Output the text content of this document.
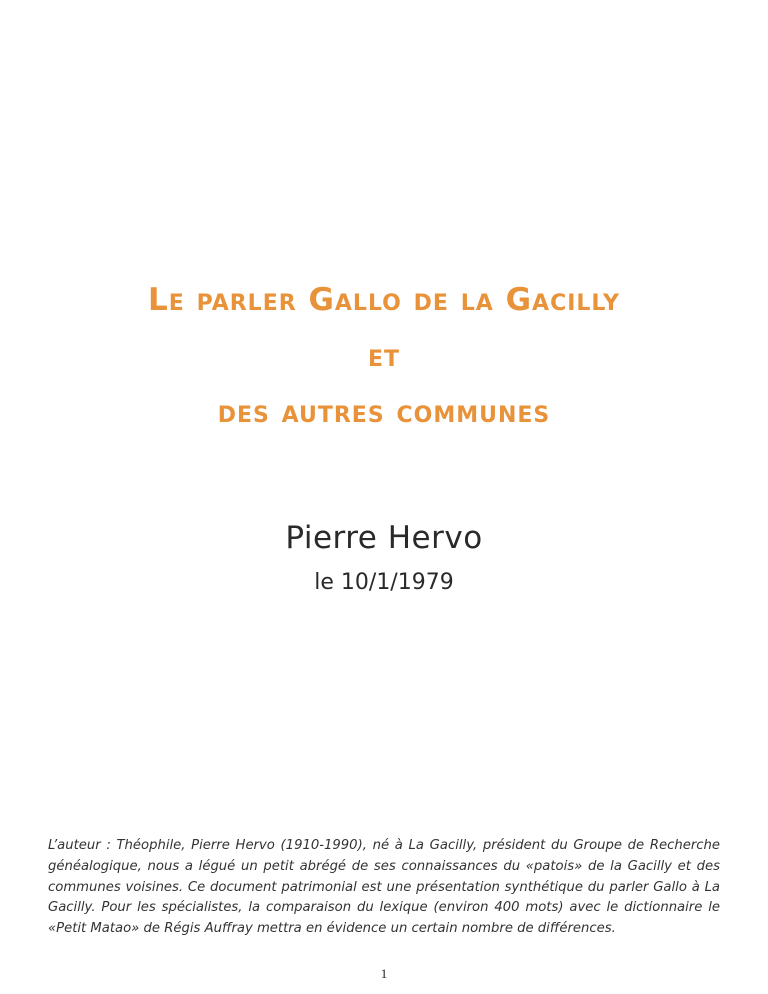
Le parler Gallo de la Gacilly
et
des autres communes
Pierre Hervo
le 10/1/1979

L’auteur : Théophile, Pierre Hervo (1910-1990), né à La Gacilly, président du Groupe de Recherche généalogique, nous a légué un petit abrégé de ses connaissances du «patois» de la Gacilly et des communes voisines. Ce document patrimonial est une présentation synthétique du parler Gallo à La Gacilly. Pour les spécialistes, la comparaison du lexique (environ 400 mots) avec le dictionnaire le «Petit Matao» de Régis Auffray mettra en évidence un certain nombre de différences.

1
